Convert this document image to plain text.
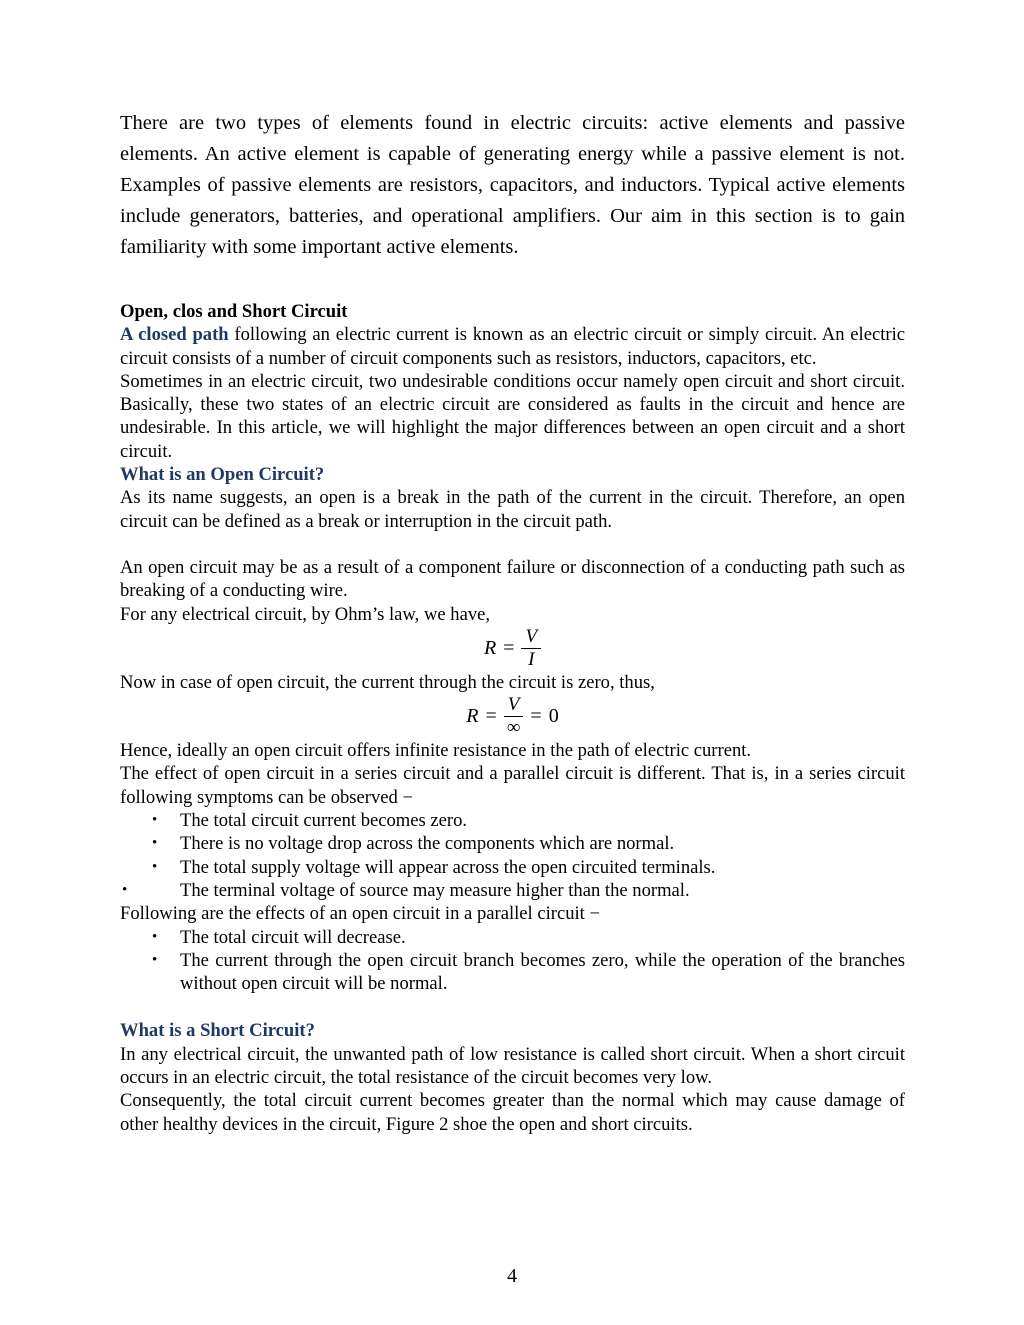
There are two types of elements found in electric circuits: active elements and passive elements. An active element is capable of generating energy while a passive element is not. Examples of passive elements are resistors, capacitors, and inductors. Typical active elements include generators, batteries, and operational amplifiers. Our aim in this section is to gain familiarity with some important active elements.

Open, clos and Short Circuit

A closed path following an electric current is known as an electric circuit or simply circuit. An electric circuit consists of a number of circuit components such as resistors, inductors, capacitors, etc.

Sometimes in an electric circuit, two undesirable conditions occur namely open circuit and short circuit. Basically, these two states of an electric circuit are considered as faults in the circuit and hence are undesirable. In this article, we will highlight the major differences between an open circuit and a short circuit.

What is an Open Circuit?

As its name suggests, an open is a break in the path of the current in the circuit. Therefore, an open circuit can be defined as a break or interruption in the circuit path.

An open circuit may be as a result of a component failure or disconnection of a conducting path such as breaking of a conducting wire.

For any electrical circuit, by Ohm’s law, we have,

$R = \frac{V}{I}$

Now in case of open circuit, the current through the circuit is zero, thus,

$R = \frac{V}{\infty} = 0$

Hence, ideally an open circuit offers infinite resistance in the path of electric current.

The effect of open circuit in a series circuit and a parallel circuit is different. That is, in a series circuit following symptoms can be observed −

•	The total circuit current becomes zero.
•	There is no voltage drop across the components which are normal.
•	The total supply voltage will appear across the open circuited terminals.
•	The terminal voltage of source may measure higher than the normal.

Following are the effects of an open circuit in a parallel circuit −

•	The total circuit will decrease.
•	The current through the open circuit branch becomes zero, while the operation of the branches without open circuit will be normal.

What is a Short Circuit?

In any electrical circuit, the unwanted path of low resistance is called short circuit. When a short circuit occurs in an electric circuit, the total resistance of the circuit becomes very low.

Consequently, the total circuit current becomes greater than the normal which may cause damage of other healthy devices in the circuit, Figure 2 shoe the open and short circuits.

4
